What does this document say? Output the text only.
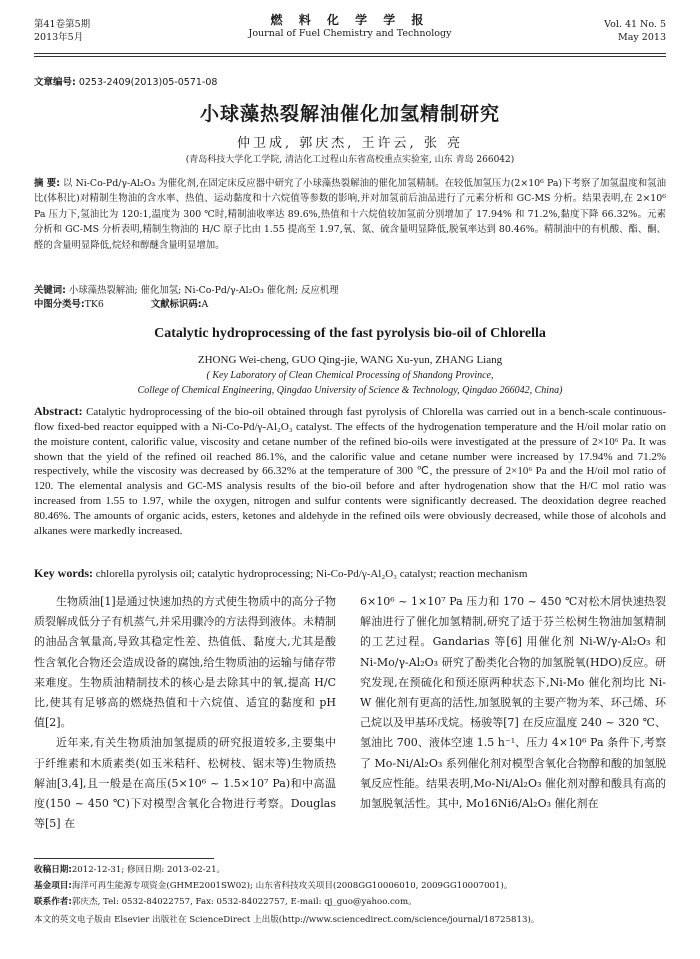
第41卷第5期
2013年5月
燃 料 化 学 学 报
Journal of Fuel Chemistry and Technology
Vol. 41 No. 5
May 2013
文章编号: 0253-2409(2013)05-0571-08
小球藻热裂解油催化加氢精制研究
仲卫成, 郭庆杰, 王许云, 张 亮
(青岛科技大学化工学院, 清洁化工过程山东省高校重点实验室, 山东 青岛 266042)
摘 要: 以 Ni-Co-Pd/γ-Al₂O₃ 为催化剂,在固定床反应器中研究了小球藻热裂解油的催化加氢精制。在较低加氢压力(2×10⁶ Pa)下考察了加氢温度和氢油比(体积比)对精制生物油的含水率、热值、运动黏度和十六烷值等参数的影响,并对加氢前后油品进行了元素分析和 GC-MS 分析。结果表明,在 2×10⁶ Pa 压力下,氢油比为 120:1,温度为 300 ℃时,精制油收率达 89.6%,热值和十六烷值较加氢前分别增加了 17.94% 和 71.2%,黏度下降 66.32%。元素分析和 GC-MS 分析表明,精制生物油的 H/C 原子比由 1.55 提高至 1.97,氧、氮、硫含量明显降低,脱氧率达到 80.46%。精制油中的有机酸、酯、酮、醛的含量明显降低,烷烃和醇醚含量明显增加。
关键词: 小球藻热裂解油; 催化加氢; Ni-Co-Pd/γ-Al₂O₃ 催化剂; 反应机理
中图分类号:TK6	文献标识码:A
Catalytic hydroprocessing of the fast pyrolysis bio-oil of Chlorella
ZHONG Wei-cheng, GUO Qing-jie, WANG Xu-yun, ZHANG Liang
( Key Laboratory of Clean Chemical Processing of Shandong Province,
College of Chemical Engineering, Qingdao University of Science & Technology, Qingdao 266042, China)
Abstract: Catalytic hydroprocessing of the bio-oil obtained through fast pyrolysis of Chlorella was carried out in a bench-scale continuous-flow fixed-bed reactor equipped with a Ni-Co-Pd/γ-Al₂O₃ catalyst. The effects of the hydrogenation temperature and the H/oil molar ratio on the moisture content, calorific value, viscosity and cetane number of the refined bio-oils were investigated at the pressure of 2×10⁶ Pa. It was shown that the yield of the refined oil reached 86.1%, and the calorific value and cetane number were increased by 17.94% and 71.2% respectively, while the viscosity was decreased by 66.32% at the temperature of 300 ℃, the pressure of 2×10⁶ Pa and the H/oil mol ratio of 120. The elemental analysis and GC-MS analysis results of the bio-oil before and after hydrogenation show that the H/C mol ratio was increased from 1.55 to 1.97, while the oxygen, nitrogen and sulfur contents were significantly decreased. The deoxidation degree reached 80.46%. The amounts of organic acids, esters, ketones and aldehyde in the refined oils were obviously decreased, while those of alcohols and alkanes were markedly increased.
Key words: chlorella pyrolysis oil; catalytic hydroprocessing; Ni-Co-Pd/γ-Al₂O₃ catalyst; reaction mechanism

生物质油[1]是通过快速加热的方式使生物质中的高分子物质裂解成低分子有机蒸气,并采用骤冷的方法得到液体。未精制的油品含氧量高,导致其稳定性差、热值低、黏度大,尤其是酸性含氧化合物还会造成设备的腐蚀,给生物质油的运输与储存带来难度。生物质油精制技术的核心是去除其中的氧,提高 H/C 比,使其有足够高的燃烧热值和十六烷值、适宜的黏度和 pH 值[2]。

近年来,有关生物质油加氢提质的研究报道较多,主要集中于纤维素和木质素类(如玉米秸秆、松树枝、锯末等)生物质热解油[3,4],且一般是在高压(5×10⁶ ~ 1.5×10⁷ Pa)和中高温度(150 ~ 450 ℃)下对模型含氧化合物进行考察。Douglas 等[5] 在

6×10⁶ ~ 1×10⁷ Pa 压力和 170 ~ 450 ℃对松木屑快速热裂解油进行了催化加氢精制,研究了适于芬兰松树生物油加氢精制的工艺过程。Gandarias 等[6] 用催化剂 Ni-W/γ-Al₂O₃ 和 Ni-Mo/γ-Al₂O₃ 研究了酚类化合物的加氢脱氧(HDO)反应。研究发现,在预硫化和预还原两种状态下,Ni-Mo 催化剂均比 Ni-W 催化剂有更高的活性,加氢脱氧的主要产物为苯、环己烯、环己烷以及甲基环戊烷。杨骏等[7] 在反应温度 240 ~ 320 ℃、氢油比 700、液体空速 1.5 h⁻¹、压力 4×10⁶ Pa 条件下,考察了 Mo-Ni/Al₂O₃ 系列催化剂对模型含氧化合物醇和酸的加氢脱氧反应性能。结果表明,Mo-Ni/Al₂O₃ 催化剂对醇和酸具有高的加氢脱氧活性。其中, Mo16Ni6/Al₂O₃ 催化剂在

收稿日期:2012-12-31; 修回日期: 2013-02-21。
基金项目:海洋可再生能源专项资金(GHME2001SW02); 山东省科技攻关项目(2008GG10006010, 2009GG10007001)。
联系作者:郭庆杰, Tel: 0532-84022757, Fax: 0532-84022757, E-mail: qj_guo@yahoo.com。
本文的英文电子版由 Elsevier 出版社在 ScienceDirect 上出版(http://www.sciencedirect.com/science/journal/18725813)。
